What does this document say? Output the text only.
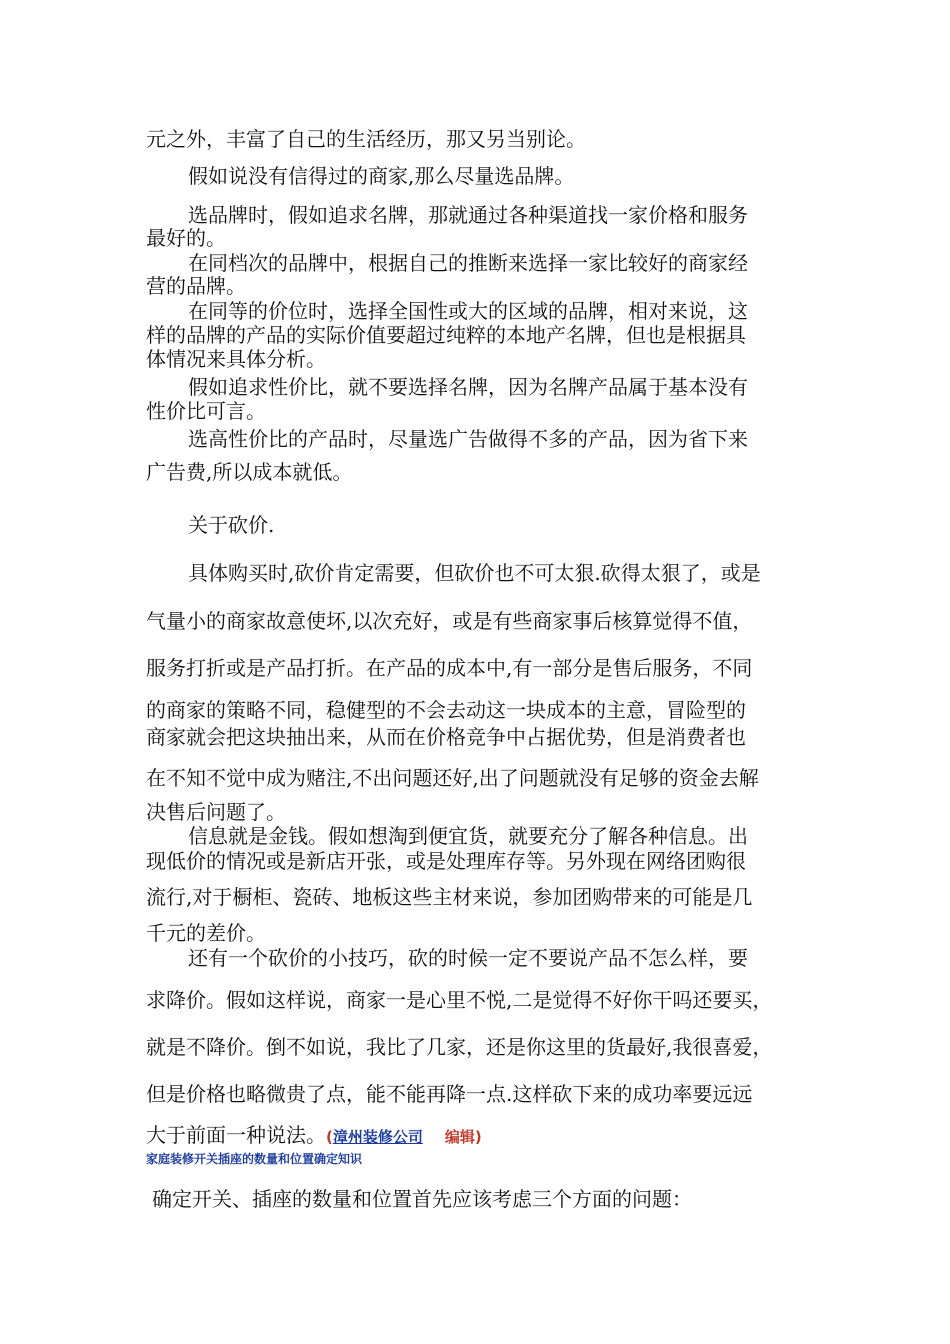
元之外，丰富了自己的生活经历，那又另当别论。
假如说没有信得过的商家,那么尽量选品牌。
选品牌时，假如追求名牌，那就通过各种渠道找一家价格和服务
最好的。
在同档次的品牌中，根据自己的推断来选择一家比较好的商家经
营的品牌。
在同等的价位时，选择全国性或大的区域的品牌，相对来说，这
样的品牌的产品的实际价值要超过纯粹的本地产名牌，但也是根据具
体情况来具体分析。
假如追求性价比，就不要选择名牌，因为名牌产品属于基本没有
性价比可言。
选高性价比的产品时，尽量选广告做得不多的产品，因为省下来
广告费,所以成本就低。
关于砍价.
具体购买时,砍价肯定需要，但砍价也不可太狠.砍得太狠了，或是
气量小的商家故意使坏,以次充好，或是有些商家事后核算觉得不值，
服务打折或是产品打折。在产品的成本中,有一部分是售后服务，不同
的商家的策略不同，稳健型的不会去动这一块成本的主意，冒险型的
商家就会把这块抽出来，从而在价格竞争中占据优势，但是消费者也
在不知不觉中成为赌注,不出问题还好,出了问题就没有足够的资金去解
决售后问题了。
信息就是金钱。假如想淘到便宜货，就要充分了解各种信息。出
现低价的情况或是新店开张，或是处理库存等。另外现在网络团购很
流行,对于橱柜、瓷砖、地板这些主材来说，参加团购带来的可能是几
千元的差价。
还有一个砍价的小技巧，砍的时候一定不要说产品不怎么样，要
求降价。假如这样说，商家一是心里不悦,二是觉得不好你干吗还要买，
就是不降价。倒不如说，我比了几家，还是你这里的货最好,我很喜爱，
但是价格也略微贵了点，能不能再降一点.这样砍下来的成功率要远远
大于前面一种说法。(漳州装修公司 编辑)
家庭装修开关插座的数量和位置确定知识
确定开关、插座的数量和位置首先应该考虑三个方面的问题：
